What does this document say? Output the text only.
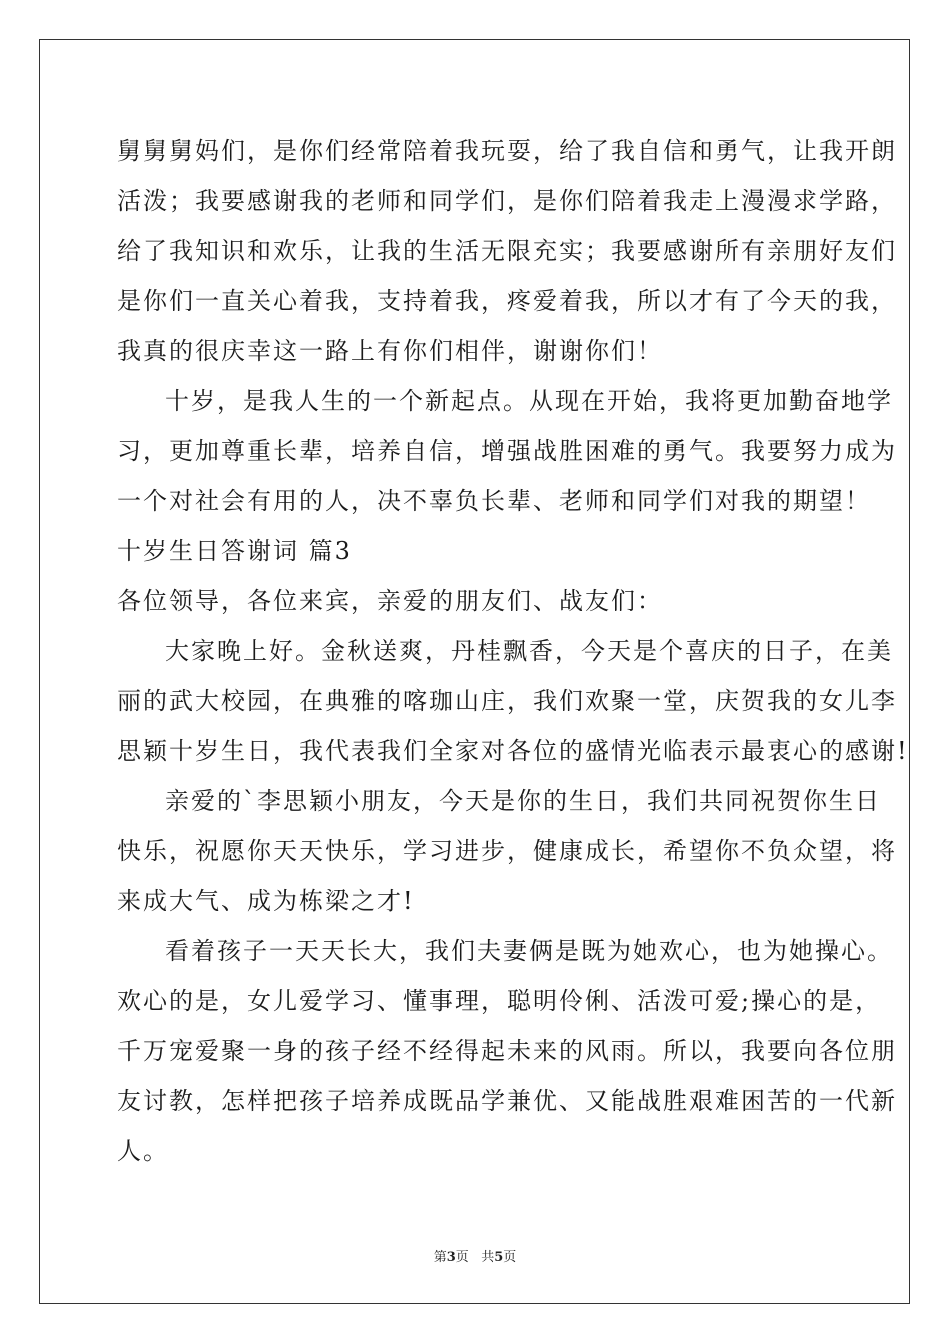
舅舅舅妈们，是你们经常陪着我玩耍，给了我自信和勇气，让我开朗
活泼；我要感谢我的老师和同学们，是你们陪着我走上漫漫求学路，
给了我知识和欢乐，让我的生活无限充实；我要感谢所有亲朋好友们
是你们一直关心着我，支持着我，疼爱着我，所以才有了今天的我，
我真的很庆幸这一路上有你们相伴，谢谢你们！
十岁，是我人生的一个新起点。从现在开始，我将更加勤奋地学
习，更加尊重长辈，培养自信，增强战胜困难的勇气。我要努力成为
一个对社会有用的人，决不辜负长辈、老师和同学们对我的期望！
十岁生日答谢词 篇3
各位领导，各位来宾，亲爱的朋友们、战友们：
大家晚上好。金秋送爽，丹桂飘香，今天是个喜庆的日子，在美
丽的武大校园，在典雅的喀珈山庄，我们欢聚一堂，庆贺我的女儿李
思颖十岁生日，我代表我们全家对各位的盛情光临表示最衷心的感谢!
亲爱的`李思颖小朋友，今天是你的生日，我们共同祝贺你生日
快乐，祝愿你天天快乐，学习进步，健康成长，希望你不负众望，将
来成大气、成为栋梁之才!
看着孩子一天天长大，我们夫妻俩是既为她欢心，也为她操心。
欢心的是，女儿爱学习、懂事理，聪明伶俐、活泼可爱;操心的是，
千万宠爱聚一身的孩子经不经得起未来的风雨。所以，我要向各位朋
友讨教，怎样把孩子培养成既品学兼优、又能战胜艰难困苦的一代新
人。
第3页 共5页
